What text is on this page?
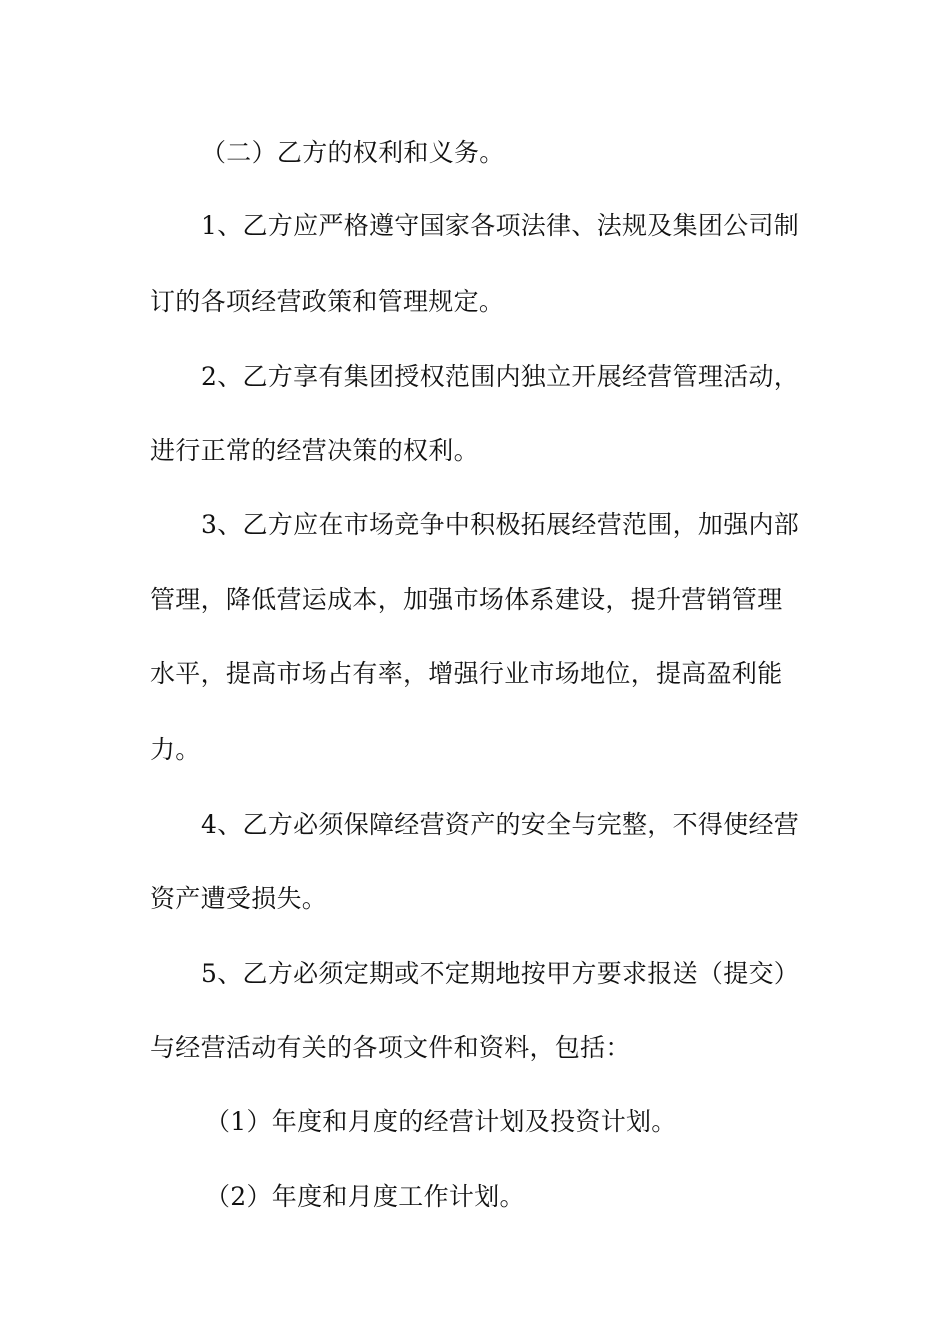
（二）乙方的权利和义务。
1、乙方应严格遵守国家各项法律、法规及集团公司制
订的各项经营政策和管理规定。
2、乙方享有集团授权范围内独立开展经营管理活动，
进行正常的经营决策的权利。
3、乙方应在市场竞争中积极拓展经营范围，加强内部
管理，降低营运成本，加强市场体系建设，提升营销管理
水平，提高市场占有率，增强行业市场地位，提高盈利能
力。
4、乙方必须保障经营资产的安全与完整，不得使经营
资产遭受损失。
5、乙方必须定期或不定期地按甲方要求报送（提交）
与经营活动有关的各项文件和资料，包括：
（1）年度和月度的经营计划及投资计划。
（2）年度和月度工作计划。
